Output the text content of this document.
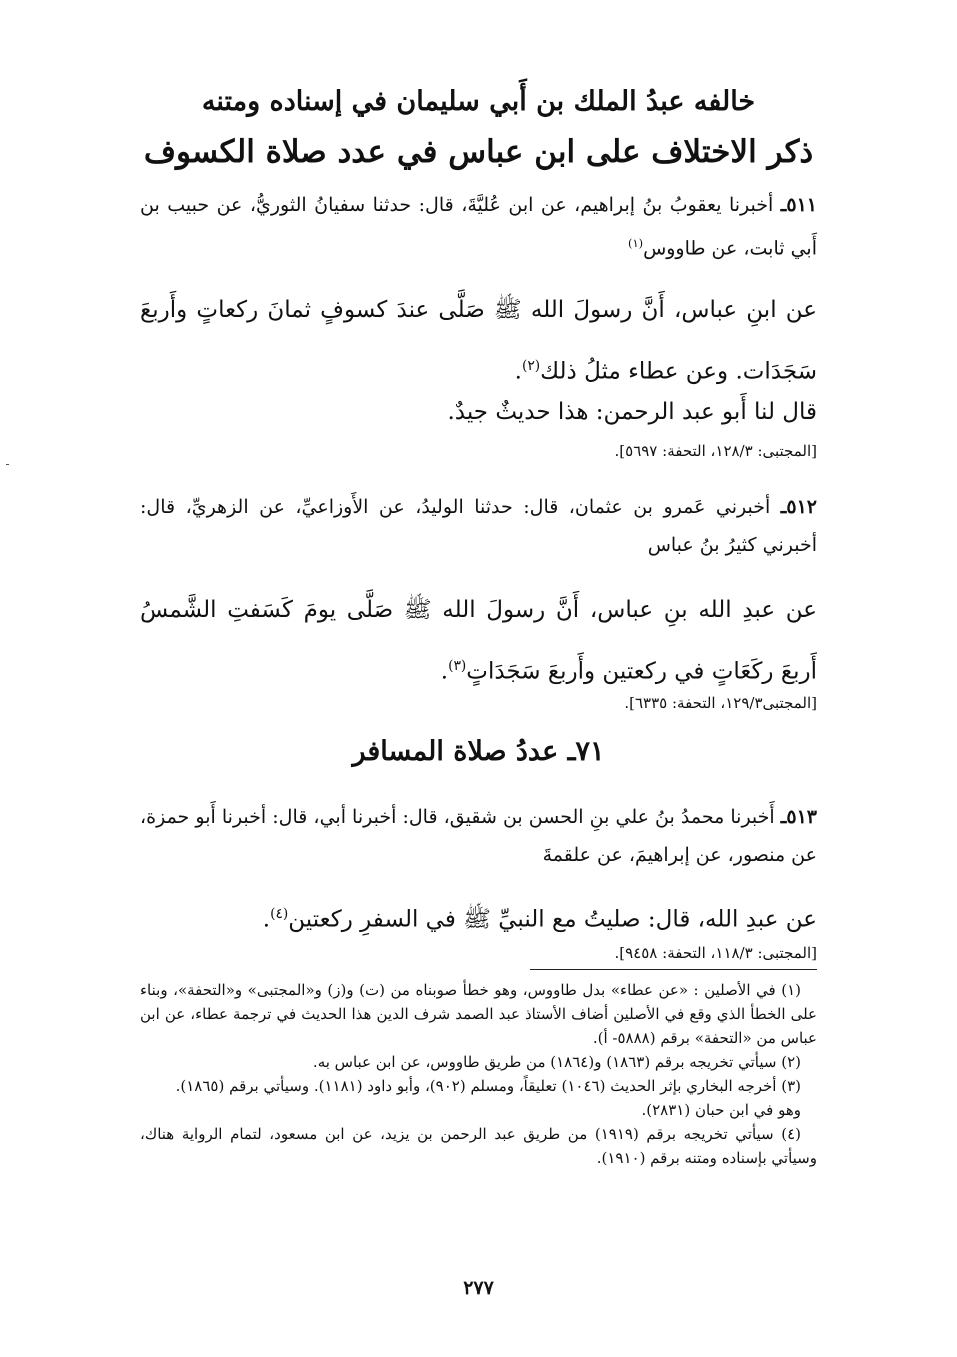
خالفه عبدُ الملك بن أَبي سليمان في إسناده ومتنه
ذكر الاختلاف على ابن عباس في عدد صلاة الكسوف
٥١١ـ أخبرنا يعقوبُ بنُ إبراهيم، عن ابن عُليَّةَ، قال: حدثنا سفيانُ الثوريُّ، عن حبيب بن أَبي ثابت، عن طاووس$^{(١)}$
عن ابنِ عباس، أَنَّ رسولَ الله ﷺ صَلَّى عندَ كسوفٍ ثمانَ ركعاتٍ وأَربعَ سَجَدَات. وعن عطاء مثلُ ذلك$^{(٢)}$.
قال لنا أَبو عبد الرحمن: هذا حديثٌ جيدٌ.
[المجتبى: ١٢٨/٣، التحفة: ٥٦٩٧].
٥١٢ـ أخبرني عَمرو بن عثمان، قال: حدثنا الوليدُ، عن الأَوزاعيِّ، عن الزهريِّ، قال: أخبرني كثيرُ بنُ عباس
عن عبدِ الله بنِ عباس، أَنَّ رسولَ الله ﷺ صَلَّى يومَ كَسَفتِ الشَّمسُ أَربعَ ركَعَاتٍ في ركعتين وأَربعَ سَجَدَاتٍ$^{(٣)}$.
[المجتبى١٢٩/٣، التحفة: ٦٣٣٥].
٧١ـ عددُ صلاة المسافر
٥١٣ـ أَخبرنا محمدُ بنُ علي بنِ الحسن بن شقيق، قال: أخبرنا أبي، قال: أخبرنا أَبو حمزة، عن منصور، عن إبراهيمَ، عن علقمةَ
عن عبدِ الله، قال: صليتُ مع النبيِّ ﷺ في السفرِ ركعتين$^{(٤)}$.
[المجتبى: ١١٨/٣، التحفة: ٩٤٥٨].

(١) في الأصلين : «عن عطاء» بدل طاووس، وهو خطأ صوبناه من (ت) و(ز) و«المجتبى» و«التحفة»، وبناء على الخطأ الذي وقع في الأصلين أضاف الأستاذ عبد الصمد شرف الدين هذا الحديث في ترجمة عطاء، عن ابن عباس من «التحفة» برقم (٥٨٨٨- أ).

(٢) سيأتي تخريجه برقم (١٨٦٣) و(١٨٦٤) من طريق طاووس، عن ابن عباس به.

(٣) أخرجه البخاري بإثر الحديث (١٠٤٦) تعليقاً، ومسلم (٩٠٢)، وأبو داود (١١٨١). وسيأتي برقم (١٨٦٥).

وهو في ابن حبان (٢٨٣١).

(٤) سيأتي تخريجه برقم (١٩١٩) من طريق عبد الرحمن بن يزيد، عن ابن مسعود، لتمام الرواية هناك، وسيأتي بإسناده ومتنه برقم (١٩١٠).

٢٧٧
